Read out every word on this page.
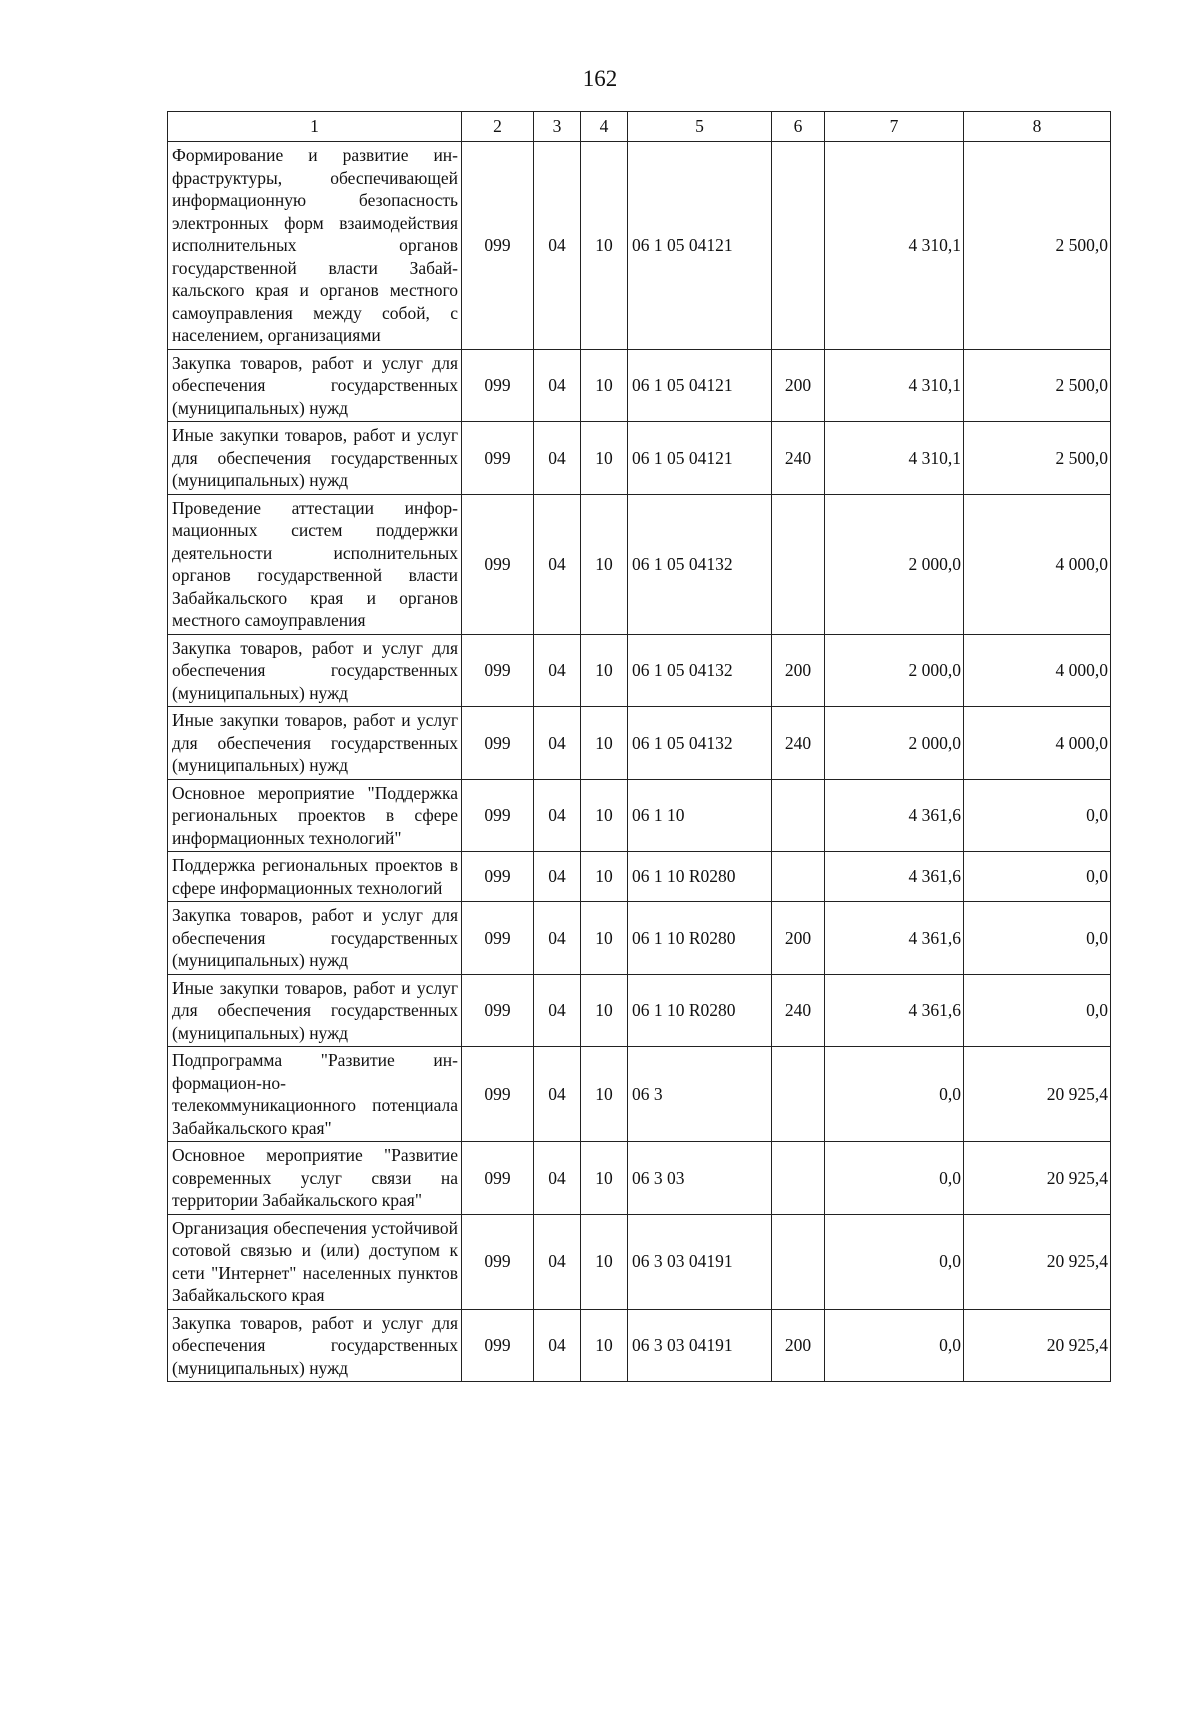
162
1	2	3	4	5	6	7	8
Формирование и развитие инфраструктуры, обеспечивающей информационную безопасность электронных форм взаимодействия исполнительных органов государственной власти Забайкальского края и органов местного самоуправления между собой, с населением, организациями	099	04	10	06 1 05 04121		4 310,1	2 500,0
Закупка товаров, работ и услуг для обеспечения государственных (муниципальных) нужд	099	04	10	06 1 05 04121	200	4 310,1	2 500,0
Иные закупки товаров, работ и услуг для обеспечения государственных (муниципальных) нужд	099	04	10	06 1 05 04121	240	4 310,1	2 500,0
Проведение аттестации информационных систем поддержки деятельности исполнительных органов государственной власти Забайкальского края и органов местного самоуправления	099	04	10	06 1 05 04132		2 000,0	4 000,0
Закупка товаров, работ и услуг для обеспечения государственных (муниципальных) нужд	099	04	10	06 1 05 04132	200	2 000,0	4 000,0
Иные закупки товаров, работ и услуг для обеспечения государственных (муниципальных) нужд	099	04	10	06 1 05 04132	240	2 000,0	4 000,0
Основное мероприятие "Поддержка региональных проектов в сфере информационных технологий"	099	04	10	06 1 10		4 361,6	0,0
Поддержка региональных проектов в сфере информационных технологий	099	04	10	06 1 10 R0280		4 361,6	0,0
Закупка товаров, работ и услуг для обеспечения государственных (муниципальных) нужд	099	04	10	06 1 10 R0280	200	4 361,6	0,0
Иные закупки товаров, работ и услуг для обеспечения государственных (муниципальных) нужд	099	04	10	06 1 10 R0280	240	4 361,6	0,0
Подпрограмма "Развитие информацион-но-телекоммуникационного потенциала Забайкальского края"	099	04	10	06 3		0,0	20 925,4
Основное мероприятие "Развитие современных услуг связи на территории Забайкальского края"	099	04	10	06 3 03		0,0	20 925,4
Организация обеспечения устойчивой сотовой связью и (или) доступом к сети "Интернет" населенных пунктов Забайкальского края	099	04	10	06 3 03 04191		0,0	20 925,4
Закупка товаров, работ и услуг для обеспечения государственных (муниципальных) нужд	099	04	10	06 3 03 04191	200	0,0	20 925,4
